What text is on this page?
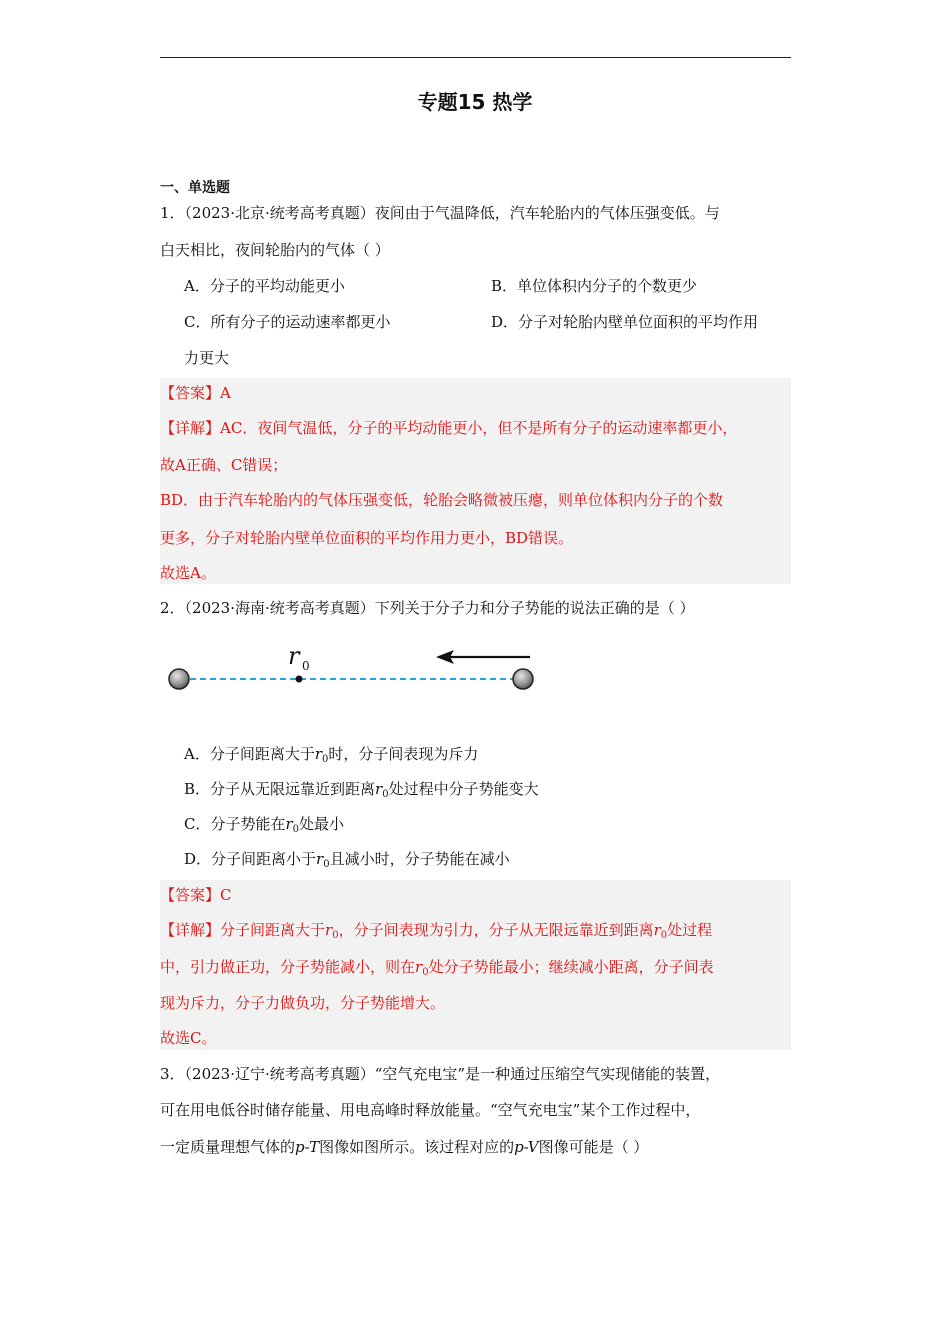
专题15 热学
一、单选题
1．（2023·北京·统考高考真题）夜间由于气温降低，汽车轮胎内的气体压强变低。与
白天相比，夜间轮胎内的气体（ ）
A．分子的平均动能更小	B．单位体积内分子的个数更少
C．所有分子的运动速率都更小	D．分子对轮胎内壁单位面积的平均作用
力更大
【答案】A
【详解】AC．夜间气温低，分子的平均动能更小，但不是所有分子的运动速率都更小，
故A正确、C错误；
BD．由于汽车轮胎内的气体压强变低，轮胎会略微被压瘪，则单位体积内分子的个数
更多，分子对轮胎内壁单位面积的平均作用力更小，BD错误。
故选A。
2．（2023·海南·统考高考真题）下列关于分子力和分子势能的说法正确的是（ ）
r 0
A．分子间距离大于$r_0$时，分子间表现为斥力
B．分子从无限远靠近到距离$r_0$处过程中分子势能变大
C．分子势能在$r_0$处最小
D．分子间距离小于$r_0$且减小时，分子势能在减小
【答案】C
【详解】分子间距离大于$r_0$，分子间表现为引力，分子从无限远靠近到距离$r_0$处过程
中，引力做正功，分子势能减小，则在$r_0$处分子势能最小；继续减小距离，分子间表
现为斥力，分子力做负功，分子势能增大。
故选C。
3．（2023·辽宁·统考高考真题）“空气充电宝”是一种通过压缩空气实现储能的装置，
可在用电低谷时储存能量、用电高峰时释放能量。“空气充电宝”某个工作过程中，
一定质量理想气体的p-T图像如图所示。该过程对应的p-V图像可能是（ ）
